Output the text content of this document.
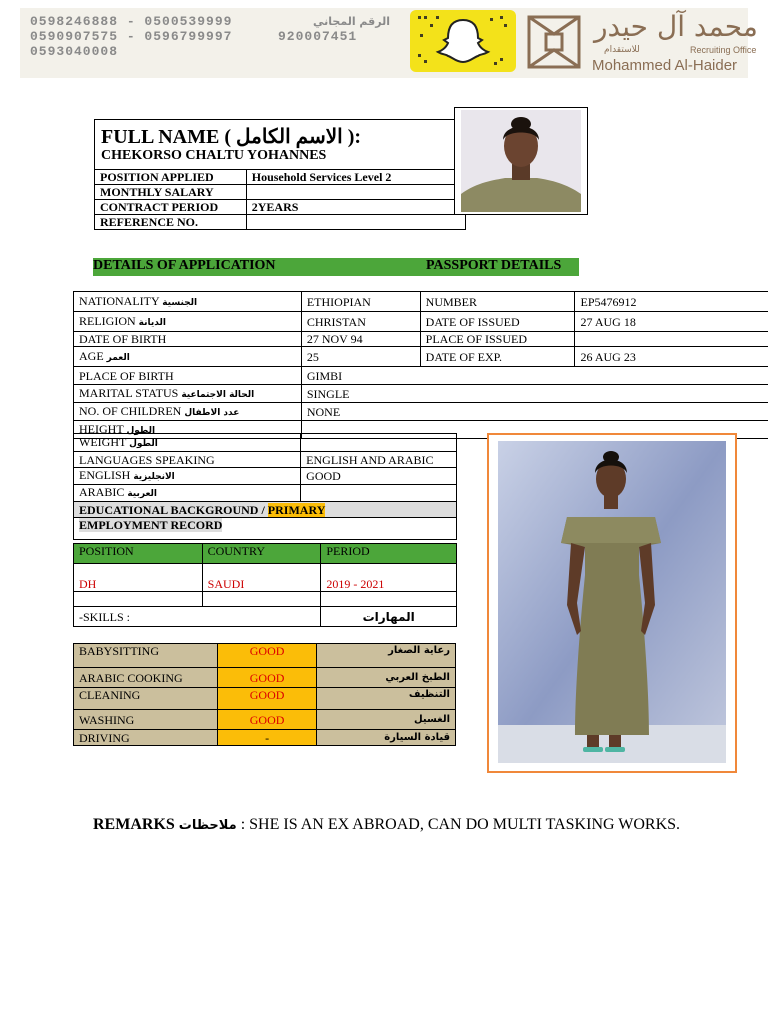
0598246888 - 0500539999
0590907575 - 0596799997
0593040008
الرقم المجاني
920007451	محمد آل حيدر
للاستقدام	Recruiting Office
Mohammed Al-Haider
FULL NAME ( الاسم الكامل ):
CHEKORSO CHALTU YOHANNES
POSITION APPLIED	Household Services Level 2
MONTHLY SALARY	
CONTRACT PERIOD	2YEARS
REFERENCE NO.	
DETAILS OF APPLICATION	PASSPORT DETAILS
NATIONALITY الجنسية	ETHIOPIAN	NUMBER	EP5476912
RELIGION الديانة	CHRISTAN	DATE OF ISSUED	27 AUG 18
DATE OF BIRTH	27 NOV 94	PLACE OF ISSUED	
AGE العمر	25	DATE OF EXP.	26 AUG 23
PLACE OF BIRTH	GIMBI		
MARITAL STATUS الحالة الاجتماعية	SINGLE		
NO. OF CHILDREN عدد الاطفال	NONE		
HEIGHT الطول			
WEIGHT الطول	
LANGUAGES SPEAKING	ENGLISH AND ARABIC
ENGLISH الانجليزية	GOOD
ARABIC العربية	
EDUCATIONAL BACKGROUND / PRIMARY	
EMPLOYMENT RECORD	
POSITION	COUNTRY	PERIOD
DH	SAUDI	2019 - 2021

-SKILLS :		المهارات
BABYSITTING	GOOD	رعاية الصغار
ARABIC COOKING	GOOD	الطبخ العربي
CLEANING	GOOD	التنظيف
WASHING	GOOD	الغسيل
DRIVING	-	قيادة السيارة
REMARKS ملاحظات : SHE IS AN EX ABROAD, CAN DO MULTI TASKING WORKS.
